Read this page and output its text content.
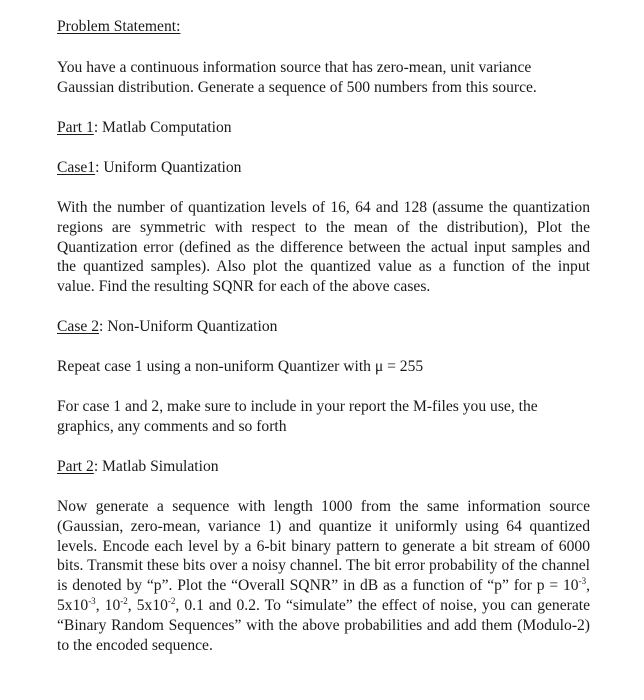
Problem Statement:
You have a continuous information source that has zero-mean, unit variance
Gaussian distribution. Generate a sequence of 500 numbers from this source.
Part 1: Matlab Computation
Case1: Uniform Quantization
With the number of quantization levels of 16, 64 and 128 (assume the quantization regions are symmetric with respect to the mean of the distribution), Plot the Quantization error (defined as the difference between the actual input samples and the quantized samples). Also plot the quantized value as a function of the input value. Find the resulting SQNR for each of the above cases.
Case 2: Non-Uniform Quantization
Repeat case 1 using a non-uniform Quantizer with μ = 255
For case 1 and 2, make sure to include in your report the M-files you use, the
graphics, any comments and so forth
Part 2: Matlab Simulation
Now generate a sequence with length 1000 from the same information source (Gaussian, zero-mean, variance 1) and quantize it uniformly using 64 quantized levels. Encode each level by a 6-bit binary pattern to generate a bit stream of 6000 bits. Transmit these bits over a noisy channel. The bit error probability of the channel is denoted by “p”. Plot the “Overall SQNR” in dB as a function of “p” for $p = 10^{-3}$, $5x10^{-3}$, $10^{-2}$, $5x10^{-2}$, 0.1 and 0.2. To “simulate” the effect of noise, you can generate “Binary Random Sequences” with the above probabilities and add them (Modulo-2) to the encoded sequence.
